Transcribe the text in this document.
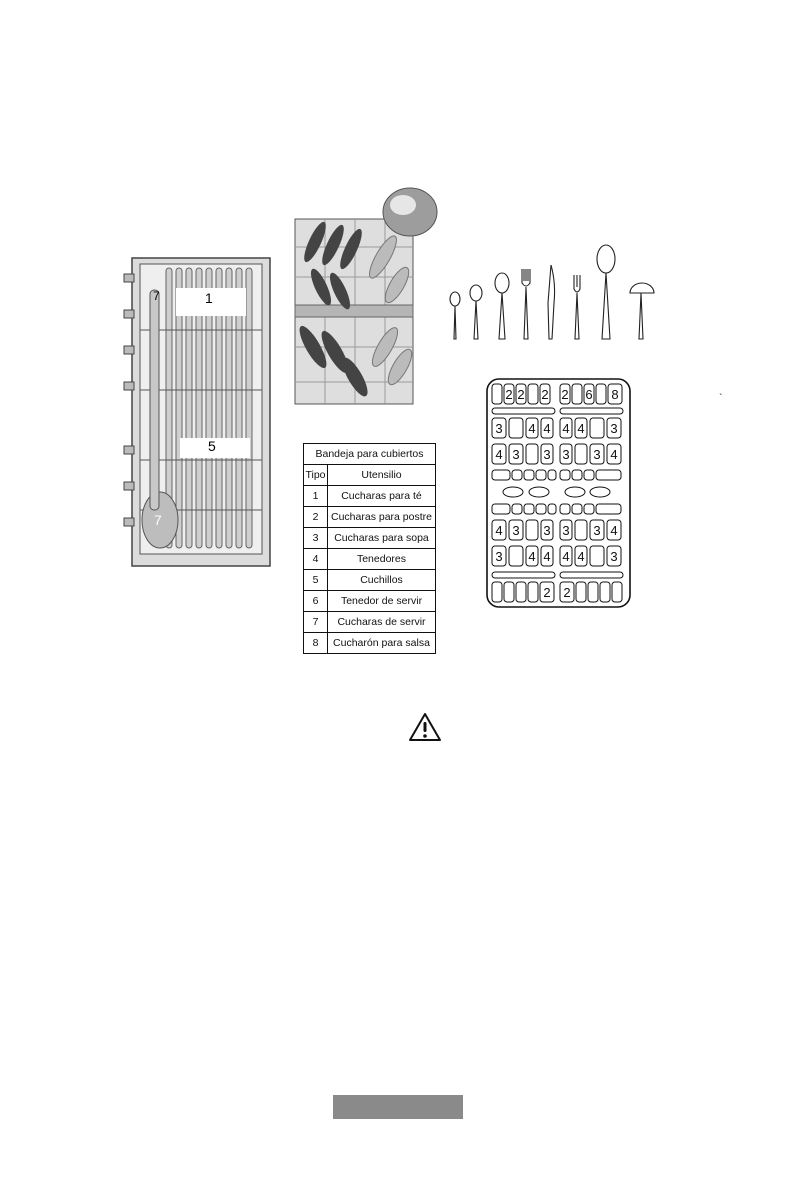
7	1
5
7
2 2 2 2 6 8
3 4 4 4 4 3
4 3 3 3 3 4
4 3 3 3 3 4
3 4 4 4 4 3
2 2
`
Bandeja para cubiertos	
Tipo	Utensilio
1	Cucharas para té
2	Cucharas para postre
3	Cucharas para sopa
4	Tenedores
5	Cuchillos
6	Tenedor de servir
7	Cucharas de servir
8	Cucharón para salsa
